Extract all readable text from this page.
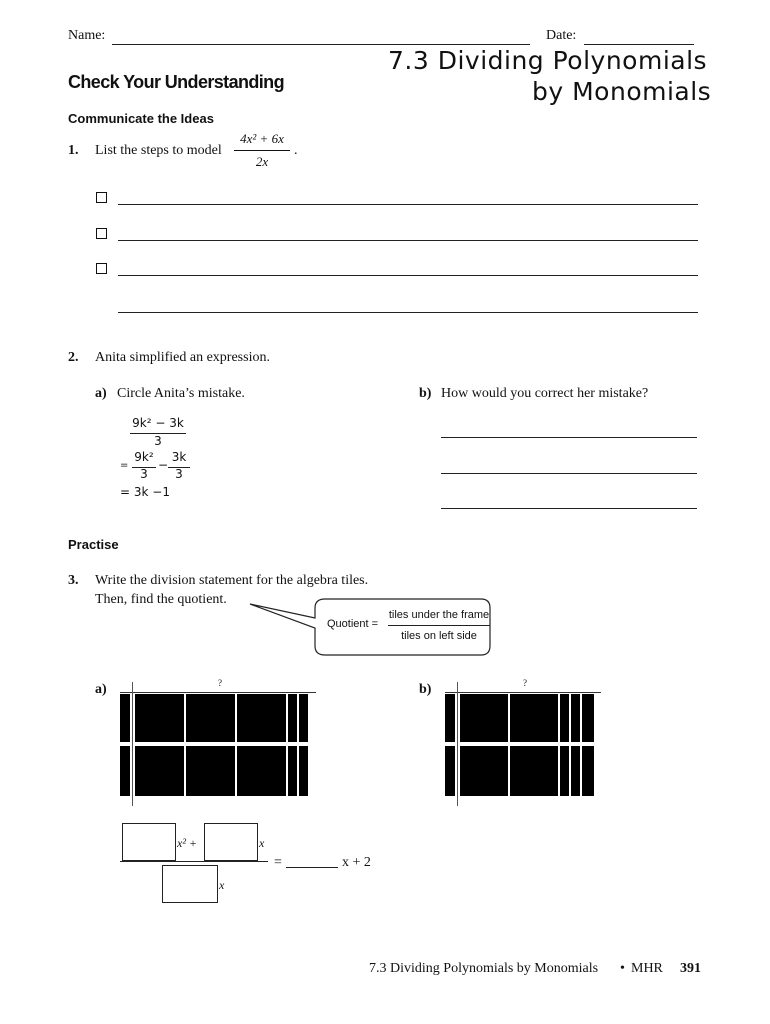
Name:	Date:
7.3 Dividing Polynomials
by Monomials
Check Your Understanding
Communicate the Ideas
1. List the steps to model
4x² + 6x
2x
.
2. Anita simplified an expression.
a) Circle Anita’s mistake.	b) How would you correct her mistake?
9k² − 3k
3
=
9k²
3
−
3k
3
= 3k −1
Practise
3. Write the division statement for the algebra tiles.
Then, find the quotient.
Quotient =
tiles under the frame
tiles on left side
a)	?	b)	?
x² +	x
x
=	x + 2
7.3 Dividing Polynomials by Monomials • MHR 391
